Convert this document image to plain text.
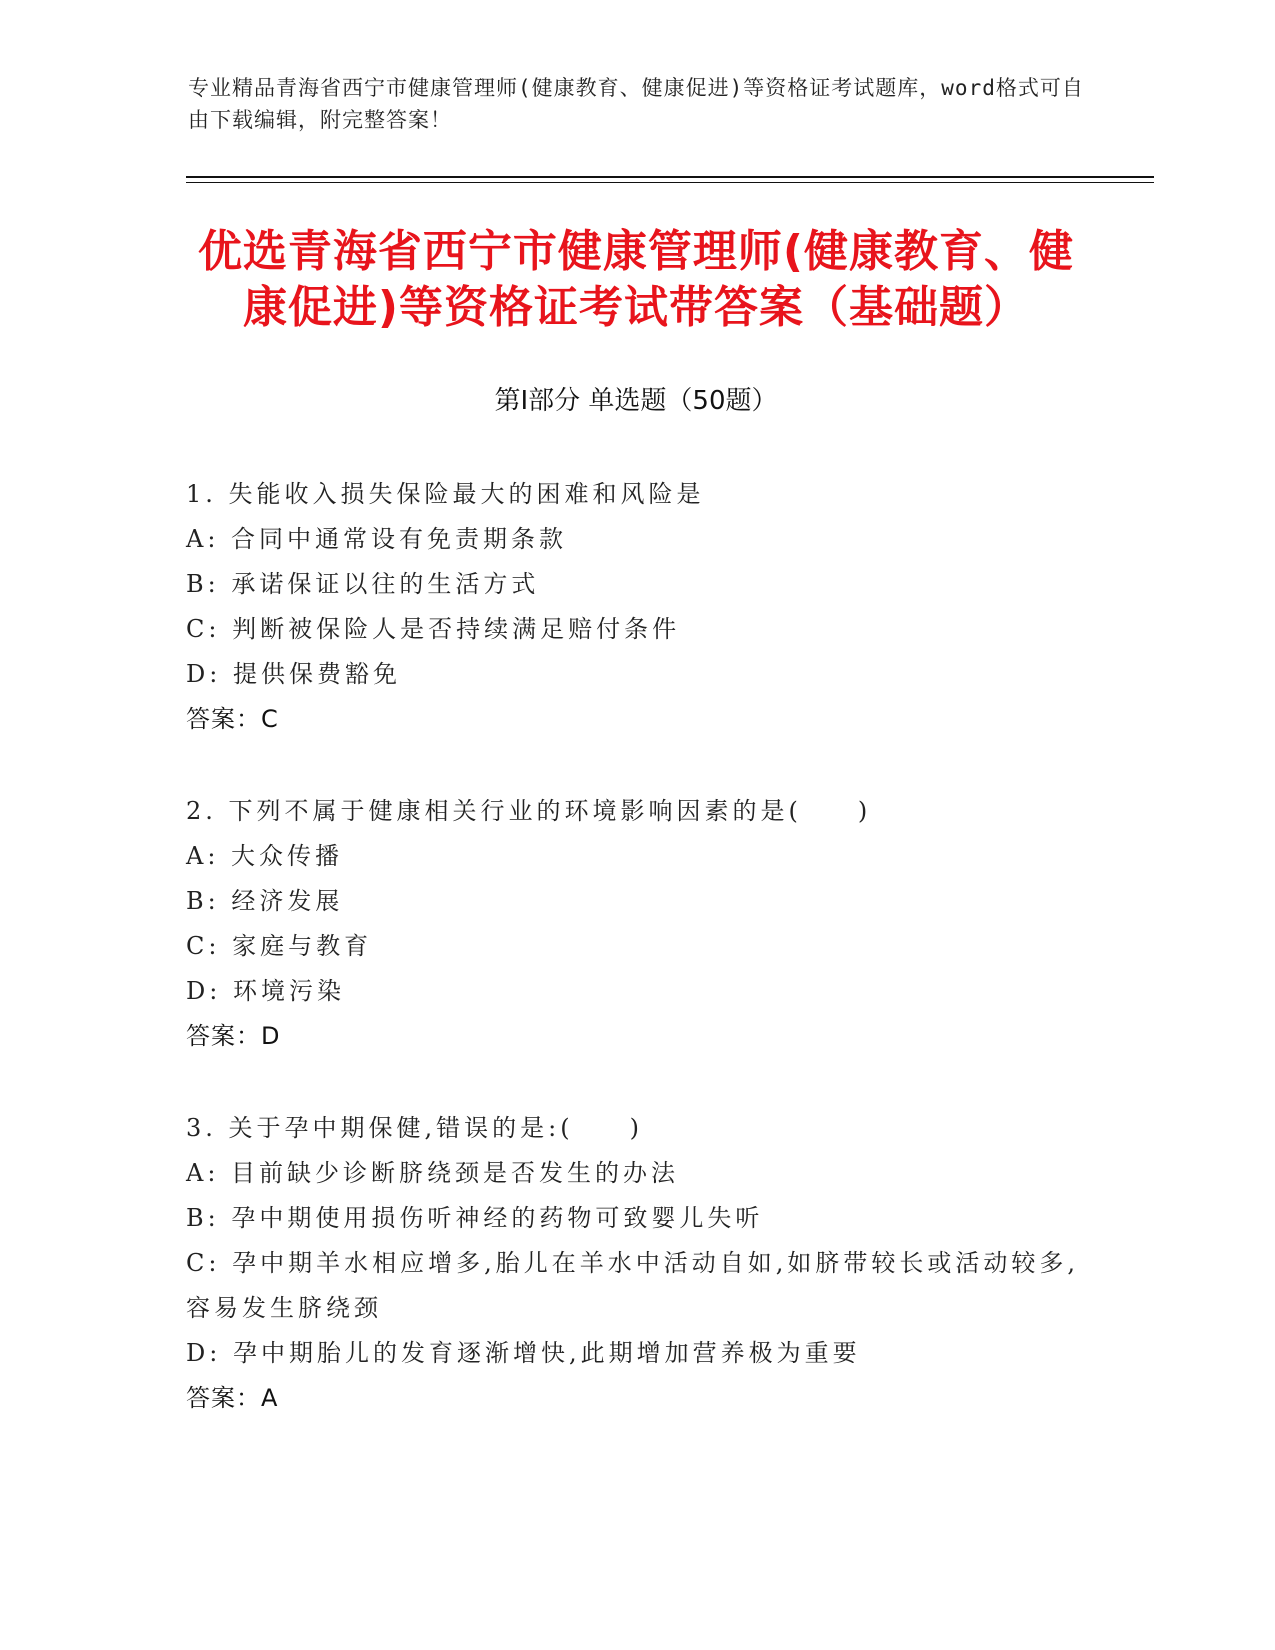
专业精品青海省西宁市健康管理师(健康教育、健康促进)等资格证考试题库，word格式可自由下载编辑，附完整答案！
优选青海省西宁市健康管理师(健康教育、健康促进)等资格证考试带答案（基础题）
第Ⅰ部分 单选题（50题）
1. 失能收入损失保险最大的困难和风险是
A: 合同中通常设有免责期条款
B: 承诺保证以往的生活方式
C: 判断被保险人是否持续满足赔付条件
D: 提供保费豁免
答案：C
2. 下列不属于健康相关行业的环境影响因素的是(　　)
A: 大众传播
B: 经济发展
C: 家庭与教育
D: 环境污染
答案：D
3. 关于孕中期保健,错误的是:(　　)
A: 目前缺少诊断脐绕颈是否发生的办法
B: 孕中期使用损伤听神经的药物可致婴儿失听
C: 孕中期羊水相应增多,胎儿在羊水中活动自如,如脐带较长或活动较多,容易发生脐绕颈
D: 孕中期胎儿的发育逐渐增快,此期增加营养极为重要
答案：A
